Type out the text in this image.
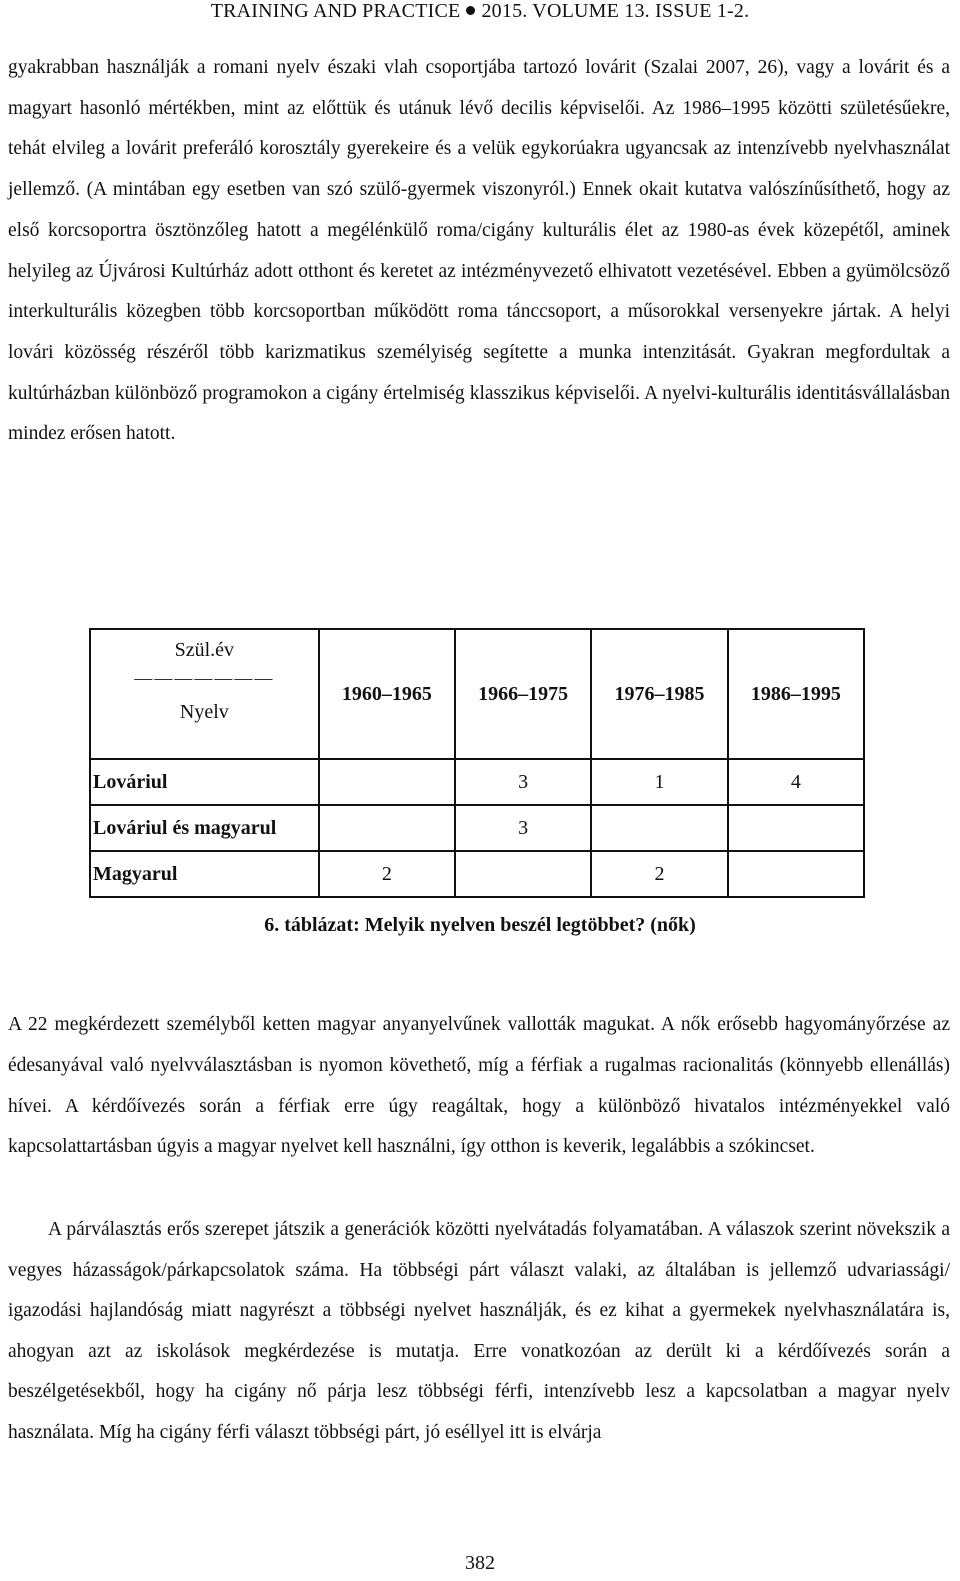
TRAINING AND PRACTICE 2015. VOLUME 13. ISSUE 1-2.
gyakrabban használják a romani nyelv északi vlah csoportjába tartozó lovárit (Szalai 2007, 26), vagy a lovárit és a magyart hasonló mértékben, mint az előttük és utánuk lévő decilis képviselői. Az 1986–1995 közötti születésűekre, tehát elvileg a lovárit preferáló korosztály gyerekeire és a velük egykorúakra ugyancsak az intenzívebb nyelvhasználat jellemző. (A mintában egy esetben van szó szülő-gyermek viszonyról.) Ennek okait kutatva valószínűsíthető, hogy az első korcsoportra ösztönzőleg hatott a megélénkülő roma/cigány kulturális élet az 1980-as évek közepétől, aminek helyileg az Újvárosi Kultúrház adott otthont és keretet az intézményvezető elhivatott vezetésével. Ebben a gyümölcsöző interkulturális közegben több korcsoportban működött roma tánccsoport, a műsorokkal versenyekre jártak. A helyi lovári közösség részéről több karizmatikus személyiség segítette a munka intenzitását. Gyakran megfordultak a kultúrházban különböző programokon a cigány értelmiség klasszikus képviselői. A nyelvi-kulturális identitásvállalásban mindez erősen hatott.
Szül.év
———————
Nyelv	1960–1965	1966–1975	1976–1985	1986–1995
Lováriul		3	1	4
Lováriul és magyarul		3		
Magyarul	2		2	
6. táblázat: Melyik nyelven beszél legtöbbet? (nők)
A 22 megkérdezett személyből ketten magyar anyanyelvűnek vallották magukat. A nők erősebb hagyományőrzése az édesanyával való nyelvválasztásban is nyomon követhető, míg a férfiak a rugalmas racionalitás (könnyebb ellenállás) hívei. A kérdőívezés során a férfiak erre úgy reagáltak, hogy a különböző hivatalos intézményekkel való kapcsolattartásban úgyis a magyar nyelvet kell használni, így otthon is keverik, legalábbis a szókincset.
A párválasztás erős szerepet játszik a generációk közötti nyelvátadás folyamatában. A válaszok szerint növekszik a vegyes házasságok/párkapcsolatok száma. Ha többségi párt választ valaki, az általában is jellemző udvariassági/ igazodási hajlandóság miatt nagyrészt a többségi nyelvet használják, és ez kihat a gyermekek nyelvhasználatára is, ahogyan azt az iskolások megkérdezése is mutatja. Erre vonatkozóan az derült ki a kérdőívezés során a beszélgetésekből, hogy ha cigány nő párja lesz többségi férfi, intenzívebb lesz a kapcsolatban a magyar nyelv használata. Míg ha cigány férfi választ többségi párt, jó eséllyel itt is elvárja
382
